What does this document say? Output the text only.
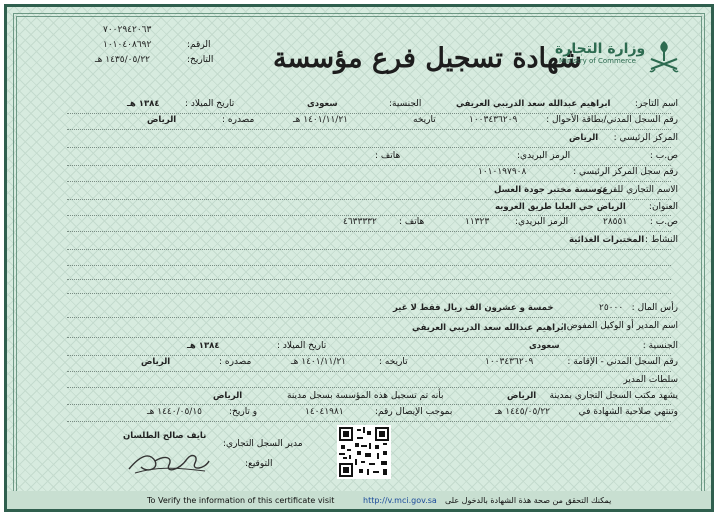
٧٠٠٢٩٤٢٠٦٣
١٠١٠٤٠٨٦٩٢	الرقم:
١٤٣٥/٠٥/٢٢ هـ	التاريخ: شهادة تسجيل فرع مؤسسة
وزارة التجارة
Ministry of Commerce
اسم التاجر:
ابراهيم عبدالله سعد الدريبي العريفي
الجنسية:
سعودى
تاريخ الميلاد :
١٣٨٤ هـ
رقم السجل المدني/بطاقة الأحوال :
١٠٠٣٤٣٦٢٠٩
تاريخه
١٤٠١/١١/٢١ هـ
مصدره :
الرياض
المركز الرئيسي :
الرياض
ص.ب :
الرمز البريدي:
هاتف :
رقم سجل المركز الرئيسي :
١٠١٠١٩٧٩٠٨
الاسم التجاري للفرع:
موسسة مختبر جودة العسل
العنوان:
الرياض حي العليا طريق العروبه
ص.ب :
٢٨٥٥١
الرمز البريدي:
١١٣٢٣
هاتف :
٤٦٣٣٣٣٢
النشاط :
المختبرات الغذائية
رأس المال :
٢٥٠٠٠
خمسة و عشرون الف ريال فقط لا غير
اسم المدير أو الوكيل المفوض :
ابراهيم عبدالله سعد الدريبي العريفي
الجنسية :
سعودى
تاريخ الميلاد :
١٣٨٤ هـ
رقم السجل المدني - الإقامة :
١٠٠٣٤٣٦٢٠٩
تاريخه :
١٤٠١/١١/٢١ هـ
مصدره :
الرياض
سلطات المدير
يشهد مكتب السجل التجاري بمدينة
الرياض
بأنه تم تسجيل هذه المؤسسة بسجل مدينة
الرياض
وتنتهي صلاحية الشهادة في
١٤٤٥/٠٥/٢٢ هـ
بموجب الإيصال رقم:
١٤٠٤١٩٨١
و تاريخ:
١٤٤٠/٠٥/١٥ هـ
نايف صالح الطلسان
مدير السجل التجاري:
التوقيع:
To Verify the information of this certificate visit	http://v.mci.gov.sa يمكنك التحقق من صحة هذة الشهادة بالدخول على
